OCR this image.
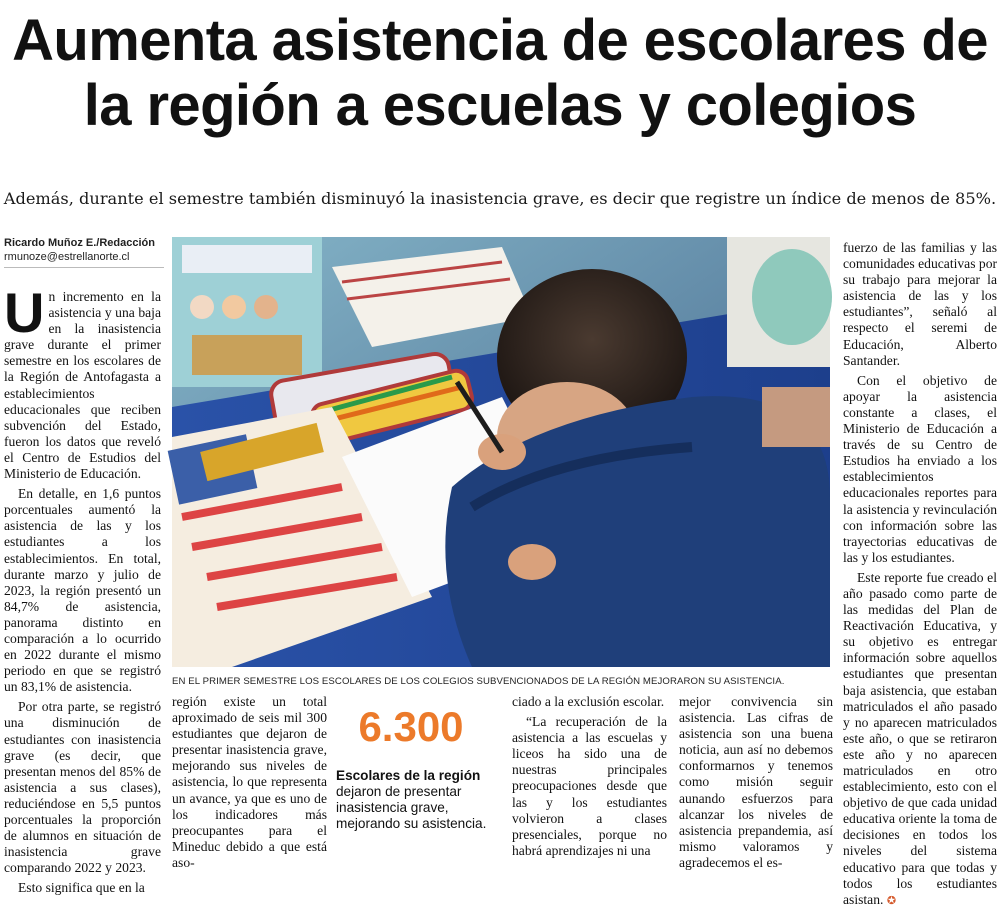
Aumenta asistencia de escolares de la región a escuelas y colegios
Además, durante el semestre también disminuyó la inasistencia grave, es decir que registre un índice de menos de 85%.
Ricardo Muñoz E./Redacción
rmunoze@estrellanorte.cl

Un incremento en la asistencia y una baja en la inasistencia grave durante el primer semestre en los escolares de la Región de Antofagasta a establecimientos educacionales que reciben subvención del Estado, fueron los datos que reveló el Centro de Estudios del Ministerio de Educación.

En detalle, en 1,6 puntos porcentuales aumentó la asistencia de las y los estudiantes a los establecimientos. En total, durante marzo y julio de 2023, la región presentó un 84,7% de asistencia, panorama distinto en comparación a lo ocurrido en 2022 durante el mismo periodo en que se registró un 83,1% de asistencia.

Por otra parte, se registró una disminución de estudiantes con inasistencia grave (es decir, que presentan menos del 85% de asistencia a sus clases), reduciéndose en 5,5 puntos porcentuales la proporción de alumnos en situación de inasistencia grave comparando 2022 y 2023.

Esto significa que en la

EN EL PRIMER SEMESTRE LOS ESCOLARES DE LOS COLEGIOS SUBVENCIONADOS DE LA REGIÓN MEJORARON SU ASISTENCIA.

región existe un total aproximado de seis mil 300 estudiantes que dejaron de presentar inasistencia grave, mejorando sus niveles de asistencia, lo que representa un avance, ya que es uno de los indicadores más preocupantes para el Mineduc debido a que está aso-

6.300
Escolares de la región
dejaron de presentar inasistencia grave, mejorando su asistencia.

ciado a la exclusión escolar.

“La recuperación de la asistencia a las escuelas y liceos ha sido una de nuestras principales preocupaciones desde que las y los estudiantes volvieron a clases presenciales, porque no habrá aprendizajes ni una

mejor convivencia sin asistencia. Las cifras de asistencia son una buena noticia, aun así no debemos conformarnos y tenemos como misión seguir aunando esfuerzos para alcanzar los niveles de asistencia prepandemia, así mismo valoramos y agradecemos el es-

fuerzo de las familias y las comunidades educativas por su trabajo para mejorar la asistencia de las y los estudiantes”, señaló al respecto el seremi de Educación, Alberto Santander.

Con el objetivo de apoyar la asistencia constante a clases, el Ministerio de Educación a través de su Centro de Estudios ha enviado a los establecimientos educacionales reportes para la asistencia y revinculación con información sobre las trayectorias educativas de las y los estudiantes.

Este reporte fue creado el año pasado como parte de las medidas del Plan de Reactivación Educativa, y su objetivo es entregar información sobre aquellos estudiantes que presentan baja asistencia, que estaban matriculados el año pasado y no aparecen matriculados este año, o que se retiraron este año y no aparecen matriculados en otro establecimiento, esto con el objetivo de que cada unidad educativa oriente la toma de decisiones en todos los niveles del sistema educativo para que todas y todos los estudiantes asistan. ✪
